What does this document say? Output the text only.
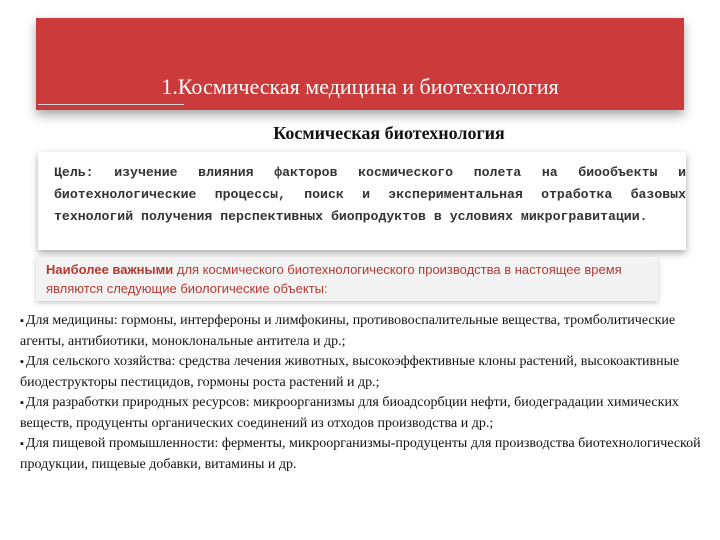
1.Космическая медицина и биотехнология
Космическая биотехнология
Цель: изучение влияния факторов космического полета на биообъекты и биотехнологические процессы, поиск и экспериментальная отработка базовых технологий получения перспективных биопродуктов в условиях микрогравитации.
Наиболее важными для космического биотехнологического производства в настоящее время являются следующие биологические объекты:

▪ Для медицины: гормоны, интерфероны и лимфокины, противовоспалительные вещества, тромболитические агенты, антибиотики, моноклональные антитела и др.;

▪ Для сельского хозяйства: средства лечения животных, высокоэффективные клоны растений, высокоактивные биодеструкторы пестицидов, гормоны роста растений и др.;

▪ Для разработки природных ресурсов: микроорганизмы для биоадсорбции нефти, биодеградации химических веществ, продуценты органических соединений из отходов производства и др.;

▪ Для пищевой промышленности: ферменты, микроорганизмы-продуценты для производства биотехнологической продукции, пищевые добавки, витамины и др.
